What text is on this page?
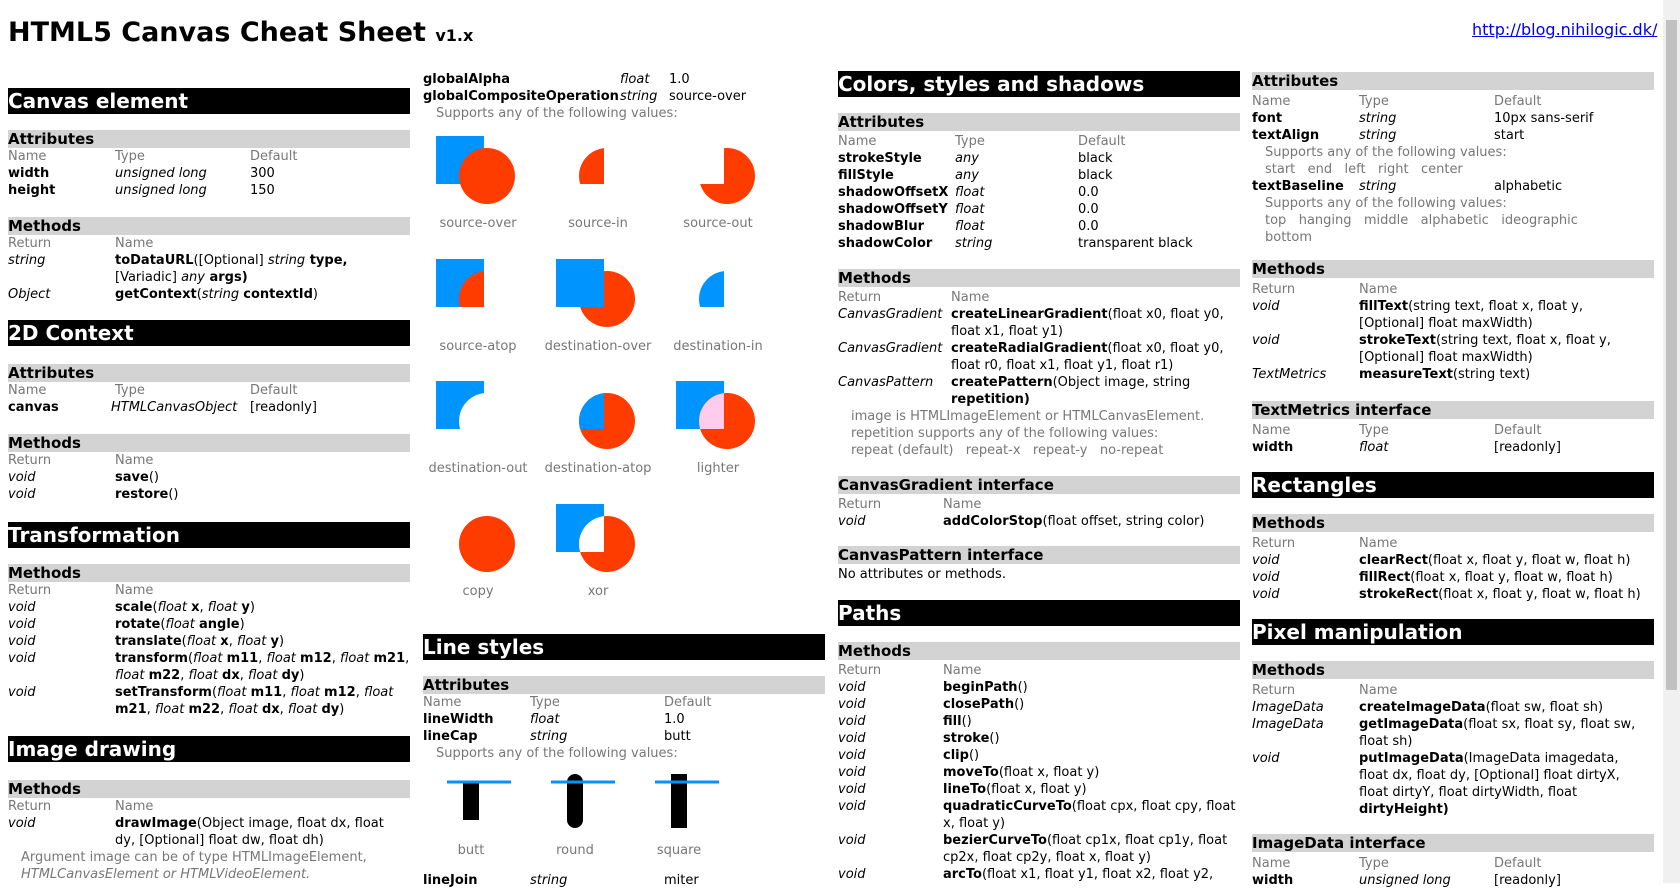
HTML5 Canvas Cheat Sheet v1.x	http://blog.nihilogic.dk/
Canvas element
Attributes
Name	Type	Default
width	unsigned long	300
height	unsigned long	150
Methods
Return	Name
string	toDataURL([Optional] string type,
[Variadic] any args)
Object	getContext(string contextId)
2D Context
Attributes
Name	Type	Default
canvas	HTMLCanvasObject [readonly]
Methods
Return	Name
void	save()
void	restore()
Transformation
Methods
Return	Name
void	scale(float x, float y)
void	rotate(float angle)
void	translate(float x, float y)
void	transform(float m11, float m12, float m21,
float m22, float dx, float dy)
void	setTransform(float m11, float m12, float
m21, float m22, float dx, float dy)
Image drawing
Methods
Return	Name
void	drawImage(Object image, float dx, float
dy, [Optional] float dw, float dh)
Argument image can be of type HTMLImageElement,
HTMLCanvasElement or HTMLVideoElement.
globalAlpha	float 1.0
globalCompositeOperation string source-over
Supports any of the following values:
source-over	source-in	source-out
source-atop	destination-over	destination-in
destination-out	destination-atop	lighter
copy	xor
Line styles
Attributes
Name	Type	Default
lineWidth	float	1.0
lineCap	string	butt
Supports any of the following values:
butt	round	square
lineJoin	string	miter
Colors, styles and shadows
Attributes
Name	Type	Default
strokeStyle	any	black
fillStyle	any	black
shadowOffsetX float	0.0
shadowOffsetY float	0.0
shadowBlur float	0.0
shadowColor string	transparent black
Methods
Return	Name
CanvasGradient createLinearGradient(float x0, float y0,
float x1, float y1)
CanvasGradient createRadialGradient(float x0, float y0,
float r0, float x1, float y1, float r1)
CanvasPattern createPattern(Object image, string
repetition)
image is HTMLImageElement or HTMLCanvasElement.
repetition supports any of the following values:
repeat (default)   repeat-x   repeat-y   no-repeat
CanvasGradient interface
Return	Name
void	addColorStop(float offset, string color)
CanvasPattern interface
No attributes or methods.
Paths
Methods
Return	Name
void	beginPath()
void	closePath()
void	fill()
void	stroke()
void	clip()
void	moveTo(float x, float y)
void	lineTo(float x, float y)
void	quadraticCurveTo(float cpx, float cpy, float
x, float y)
void	bezierCurveTo(float cp1x, float cp1y, float
cp2x, float cp2y, float x, float y)
void	arcTo(float x1, float y1, float x2, float y2,
Attributes
Name	Type	Default
font	string	10px sans-serif
textAlign	string	start
Supports any of the following values:
start   end   left   right   center
textBaseline string	alphabetic
Supports any of the following values:
top   hanging   middle   alphabetic   ideographic
bottom
Methods
Return	Name
void	fillText(string text, float x, float y,
[Optional] float maxWidth)
void	strokeText(string text, float x, float y,
[Optional] float maxWidth)
TextMetrics	measureText(string text)
TextMetrics interface
Name	Type	Default
width	float	[readonly]
Rectangles
Methods
Return	Name
void	clearRect(float x, float y, float w, float h)
void	fillRect(float x, float y, float w, float h)
void	strokeRect(float x, float y, float w, float h)
Pixel manipulation
Methods
Return	Name
ImageData	createImageData(float sw, float sh)
ImageData	getImageData(float sx, float sy, float sw,
float sh)
void	putImageData(ImageData imagedata,
float dx, float dy, [Optional] float dirtyX,
float dirtyY, float dirtyWidth, float
dirtyHeight)
ImageData interface
Name	Type	Default
width	unsigned long	[readonly]
